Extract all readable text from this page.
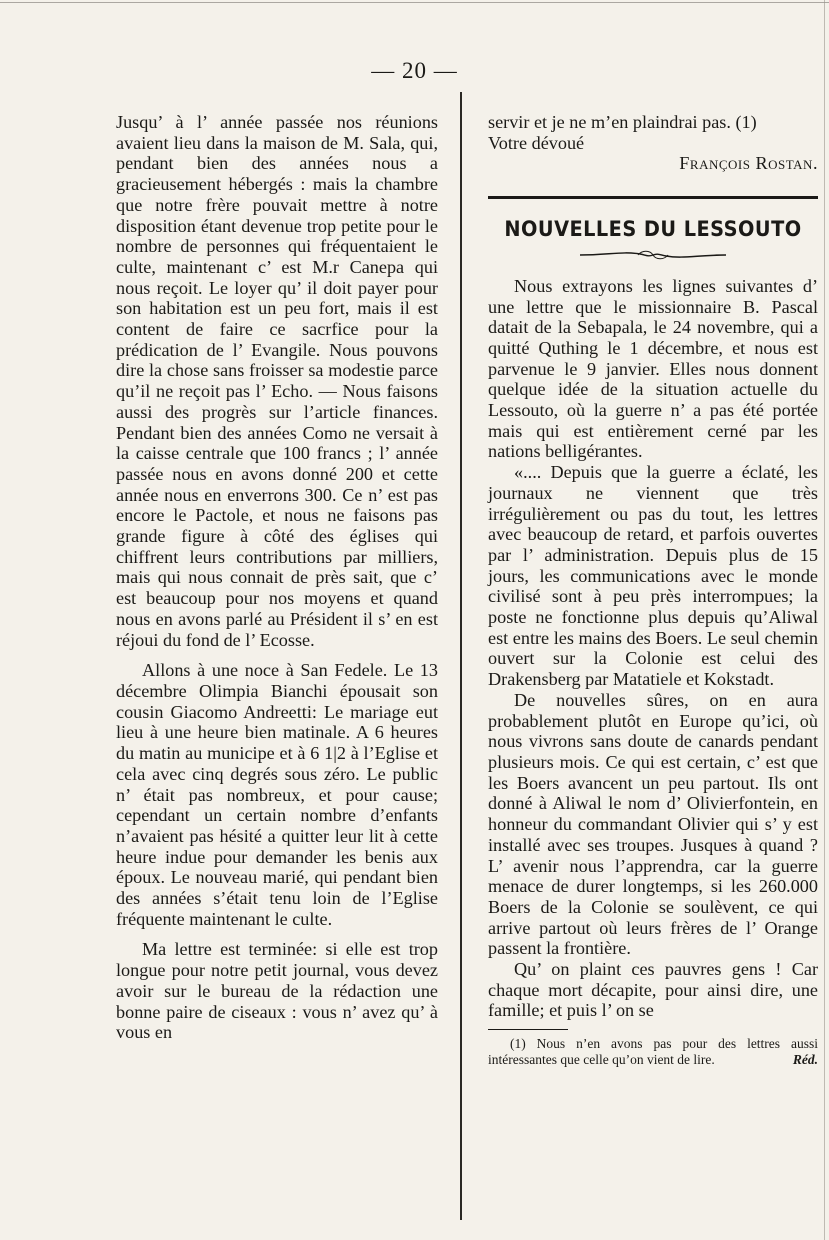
— 20 —

Jusqu’ à l’ année passée nos réunions avaient lieu dans la maison de M. Sala, qui, pendant bien des années nous a gracieusement hébergés : mais la chambre que notre frère pouvait mettre à notre disposition étant devenue trop petite pour le nombre de personnes qui fréquentaient le culte, maintenant c’ est M.r Canepa qui nous reçoit. Le loyer qu’ il doit payer pour son habitation est un peu fort, mais il est content de faire ce sacrfice pour la prédication de l’ Evangile. Nous pouvons dire la chose sans froisser sa modestie parce qu’il ne reçoit pas l’ Echo. — Nous faisons aussi des progrès sur l’article finances. Pendant bien des années Como ne versait à la caisse centrale que 100 francs ; l’ année passée nous en avons donné 200 et cette année nous en enverrons 300. Ce n’ est pas encore le Pactole, et nous ne faisons pas grande figure à côté des églises qui chiffrent leurs contributions par milliers, mais qui nous connait de près sait, que c’ est beaucoup pour nos moyens et quand nous en avons parlé au Président il s’ en est réjoui du fond de l’ Ecosse.

Allons à une noce à San Fedele. Le 13 décembre Olimpia Bianchi épousait son cousin Giacomo Andreetti: Le mariage eut lieu à une heure bien matinale. A 6 heures du matin au municipe et à 6 1|2 à l’Eglise et cela avec cinq degrés sous zéro. Le public n’ était pas nombreux, et pour cause; cependant un certain nombre d’enfants n’avaient pas hésité a quitter leur lit à cette heure indue pour demander les benis aux époux. Le nouveau marié, qui pendant bien des années s’était tenu loin de l’Eglise fréquente maintenant le culte.

Ma lettre est terminée: si elle est trop longue pour notre petit journal, vous devez avoir sur le bureau de la rédaction une bonne paire de ciseaux : vous n’ avez qu’ à vous en

servir et je ne m’en plaindrai pas. (1)

Votre dévoué

François Rostan.

NOUVELLES DU LESSOUTO

Nous extrayons les lignes suivantes d’ une lettre que le missionnaire B. Pascal datait de la Sebapala, le 24 novembre, qui a quitté Quthing le 1 décembre, et nous est parvenue le 9 janvier. Elles nous donnent quelque idée de la situation actuelle du Lessouto, où la guerre n’ a pas été portée mais qui est entièrement cerné par les nations belligérantes.

«.... Depuis que la guerre a éclaté, les journaux ne viennent que très irrégulièrement ou pas du tout, les lettres avec beaucoup de retard, et parfois ouvertes par l’ administration. Depuis plus de 15 jours, les communications avec le monde civilisé sont à peu près interrompues; la poste ne fonctionne plus depuis qu’Aliwal est entre les mains des Boers. Le seul chemin ouvert sur la Colonie est celui des Drakensberg par Matatiele et Kokstadt.

De nouvelles sûres, on en aura probablement plutôt en Europe qu’ici, où nous vivrons sans doute de canards pendant plusieurs mois. Ce qui est certain, c’ est que les Boers avancent un peu partout. Ils ont donné à Aliwal le nom d’ Olivierfontein, en honneur du commandant Olivier qui s’ y est installé avec ses troupes. Jusques à quand ? L’ avenir nous l’apprendra, car la guerre menace de durer longtemps, si les 260.000 Boers de la Colonie se soulèvent, ce qui arrive partout où leurs frères de l’ Orange passent la frontière.

Qu’ on plaint ces pauvres gens ! Car chaque mort décapite, pour ainsi dire, une famille; et puis l’ on se

(1) Nous n’en avons pas pour des lettres aussi intéressantes que celle qu’on vient de lire.	Réd.
